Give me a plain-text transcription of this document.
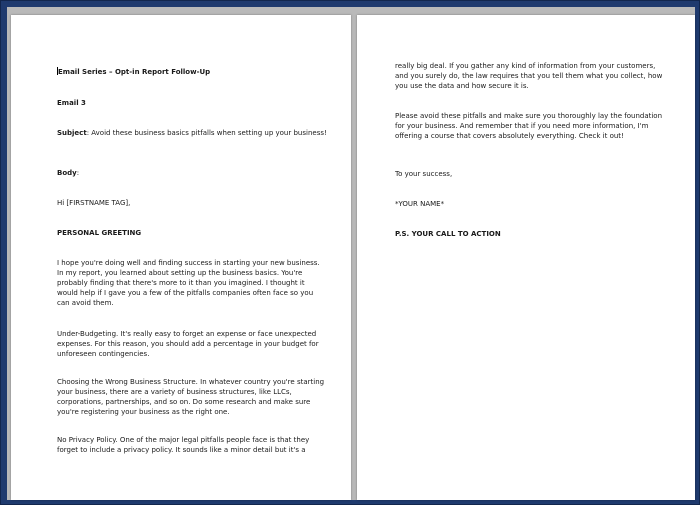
Email Series – Opt-in Report Follow-Up

Email 3

Subject: Avoid these business basics pitfalls when setting up your business!

Body:

Hi [FIRSTNAME TAG],

PERSONAL GREETING

I hope you're doing well and finding success in starting your new business. In my report, you learned about setting up the business basics. You're probably finding that there's more to it than you imagined. I thought it would help if I gave you a few of the pitfalls companies often face so you can avoid them.

Under-Budgeting. It's really easy to forget an expense or face unexpected expenses. For this reason, you should add a percentage in your budget for unforeseen contingencies.

Choosing the Wrong Business Structure. In whatever country you're starting your business, there are a variety of business structures, like LLCs, corporations, partnerships, and so on. Do some research and make sure you're registering your business as the right one.

No Privacy Policy. One of the major legal pitfalls people face is that they forget to include a privacy policy. It sounds like a minor detail but it's a

really big deal. If you gather any kind of information from your customers, and you surely do, the law requires that you tell them what you collect, how you use the data and how secure it is.

Please avoid these pitfalls and make sure you thoroughly lay the foundation for your business. And remember that if you need more information, I'm offering a course that covers absolutely everything. Check it out!

To your success,

*YOUR NAME*

P.S. YOUR CALL TO ACTION
